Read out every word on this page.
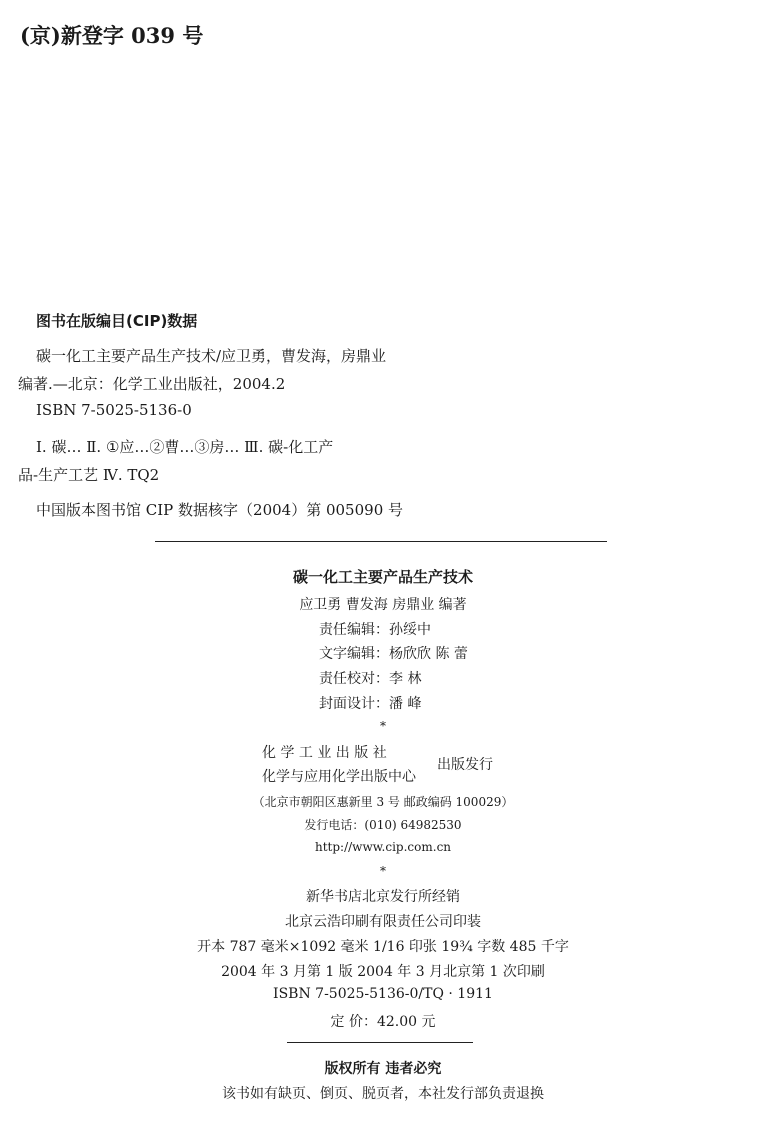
(京)新登字 039 号
图书在版编目(CIP)数据
碳一化工主要产品生产技术/应卫勇，曹发海，房鼎业
编著.—北京：化学工业出版社，2004.2
ISBN 7-5025-5136-0
Ⅰ. 碳… Ⅱ. ①应…②曹…③房… Ⅲ. 碳-化工产
品-生产工艺 Ⅳ. TQ2
中国版本图书馆 CIP 数据核字（2004）第 005090 号
碳一化工主要产品生产技术
应卫勇 曹发海 房鼎业 编著
责任编辑：孙绥中
文字编辑：杨欣欣 陈 蕾
责任校对：李 林
封面设计：潘 峰
*
化 学 工 业 出 版 社
化学与应用化学出版中心
出版发行
（北京市朝阳区惠新里 3 号 邮政编码 100029）
发行电话：(010) 64982530
http://www.cip.com.cn
*
新华书店北京发行所经销
北京云浩印刷有限责任公司印装
开本 787 毫米×1092 毫米 1/16 印张 19¾ 字数 485 千字
2004 年 3 月第 1 版 2004 年 3 月北京第 1 次印刷
ISBN 7-5025-5136-0/TQ · 1911
定 价：42.00 元
版权所有 违者必究
该书如有缺页、倒页、脱页者，本社发行部负责退换
